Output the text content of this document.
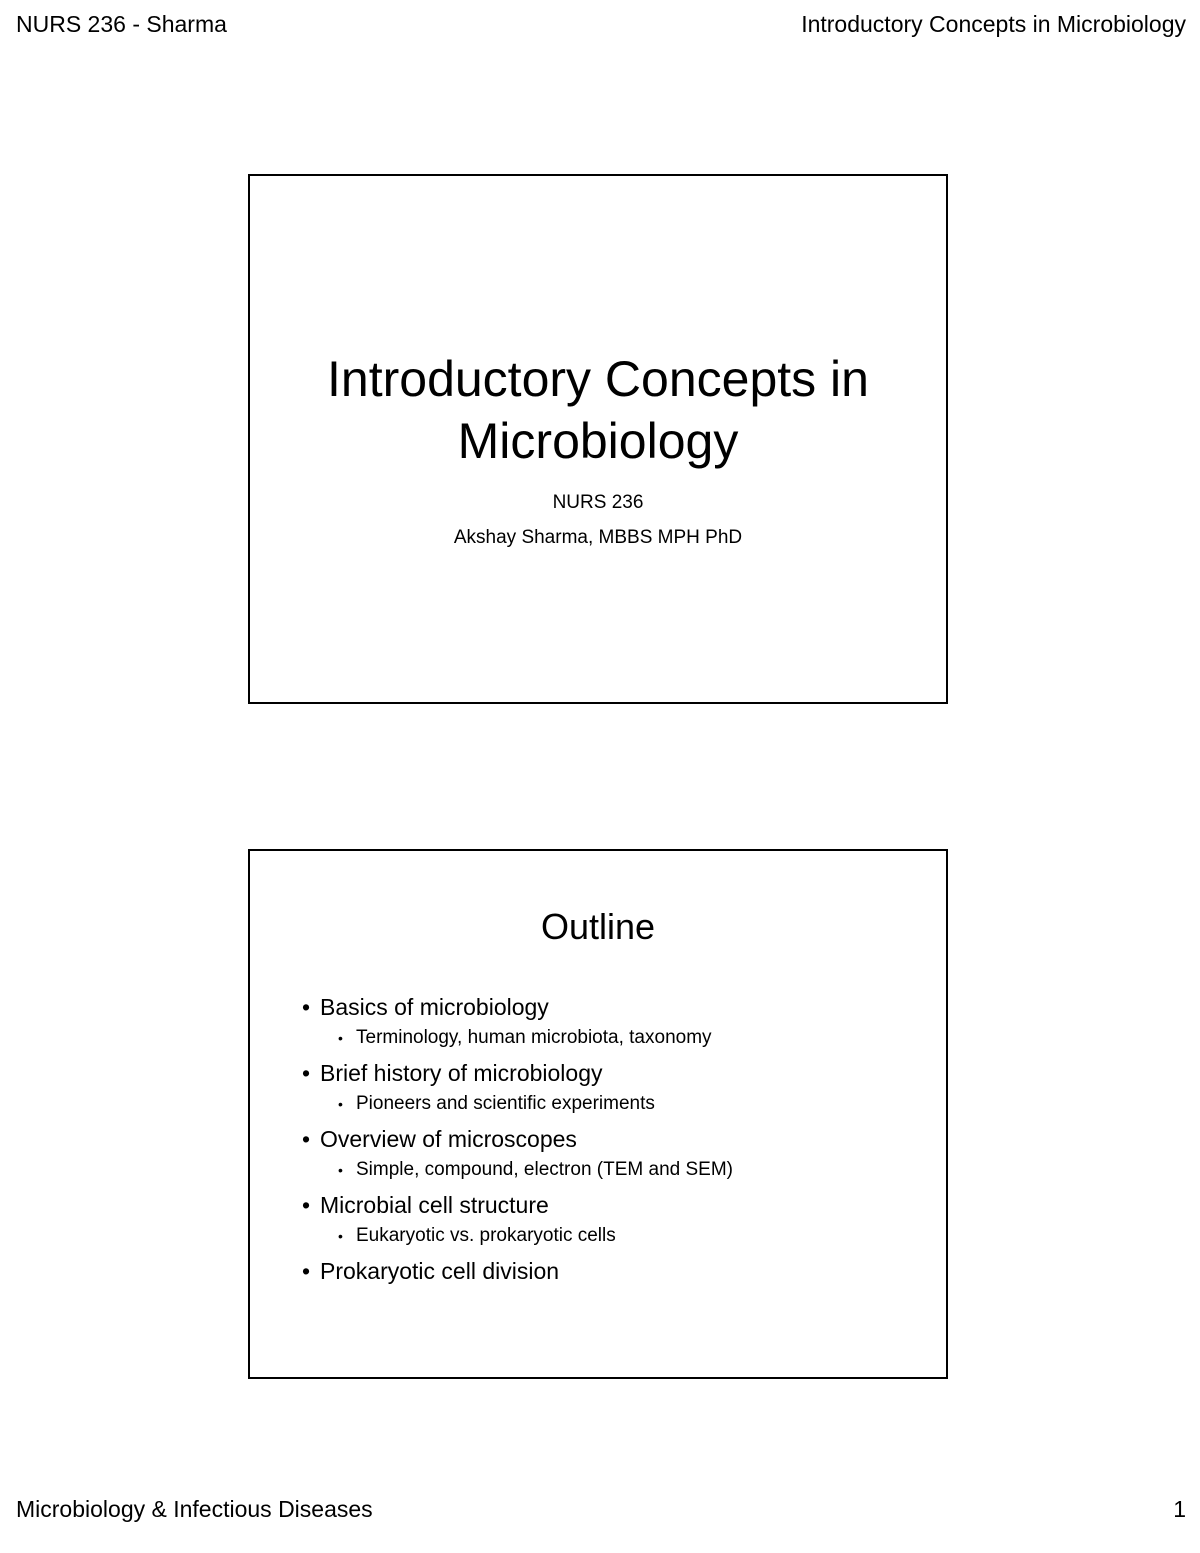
NURS 236 - Sharma	Introductory Concepts in Microbiology
Introductory Concepts in
Microbiology
NURS 236
Akshay Sharma, MBBS MPH PhD
Outline
• Basics of microbiology
• Terminology, human microbiota, taxonomy
• Brief history of microbiology
• Pioneers and scientific experiments
• Overview of microscopes
• Simple, compound, electron (TEM and SEM)
• Microbial cell structure
• Eukaryotic vs. prokaryotic cells
• Prokaryotic cell division
Microbiology & Infectious Diseases	1
